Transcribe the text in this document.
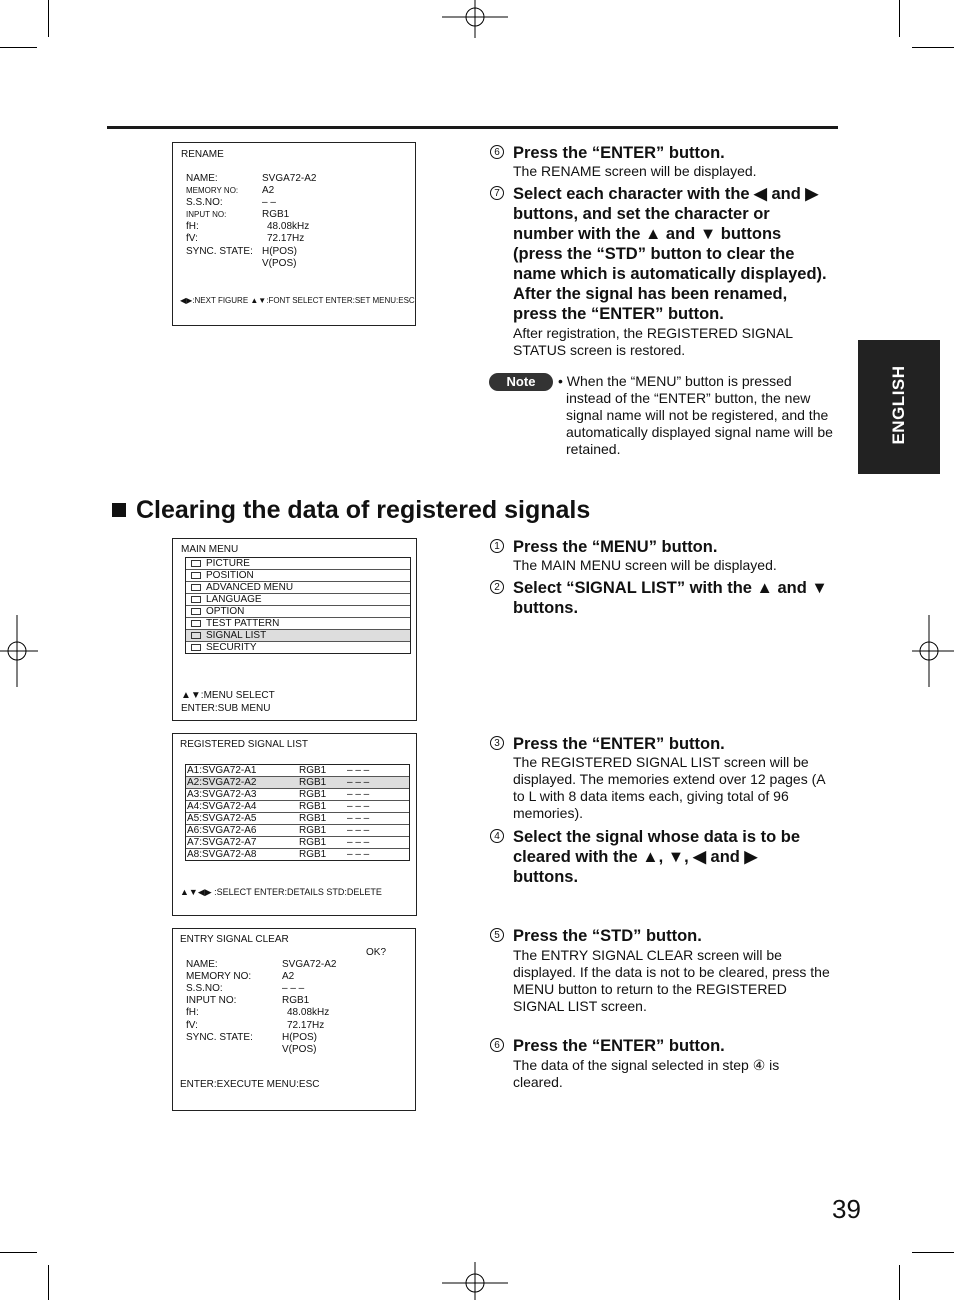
ENGLISH
RENAME
◀▶:NEXT FIGURE ▲▼:FONT SELECT ENTER:SET MENU:ESC
NAME:	SVGA72-A2
MEMORY NO: A2
S.S.NO:	– –
INPUT NO:	RGB1
fH:	48.08kHz
fV:	72.17Hz
SYNC. STATE: H(POS)
V(POS)
6 Press the “ENTER” button.
The RENAME screen will be displayed.
7 Select each character with the ◀ and ▶ buttons, and set the character or number with the ▲ and ▼ buttons (press the “STD” button to clear the name which is automatically displayed). After the signal has been renamed, press the “ENTER” button.
After registration, the REGISTERED SIGNAL STATUS screen is restored.
Note	• When the “MENU” button is pressed
instead of the “ENTER” button, the new signal name will not be registered, and the automatically displayed signal name will be retained.
Clearing the data of registered signals
MAIN MENU
PICTURE
POSITION
ADVANCED MENU
LANGUAGE
OPTION
TEST PATTERN
SIGNAL LIST
SECURITY
▲▼:MENU SELECT
ENTER:SUB MENU
REGISTERED SIGNAL LIST
A1:SVGA72-A1	RGB1 – – –
A2:SVGA72-A2	RGB1 – – –
A3:SVGA72-A3	RGB1 – – –
A4:SVGA72-A4	RGB1 – – –
A5:SVGA72-A5	RGB1 – – –
A6:SVGA72-A6	RGB1 – – –
A7:SVGA72-A7	RGB1 – – –
A8:SVGA72-A8	RGB1 – – –
▲▼◀▶ :SELECT ENTER:DETAILS STD:DELETE
ENTRY SIGNAL CLEAR
OK?
ENTER:EXECUTE MENU:ESC
NAME:	SVGA72-A2
MEMORY NO:	A2
S.S.NO:	– – –
INPUT NO:	RGB1
fH:	48.08kHz
fV:	72.17Hz
SYNC. STATE:	H(POS)
V(POS)
1 Press the “MENU” button.
The MAIN MENU screen will be displayed.
2 Select “SIGNAL LIST” with the ▲ and ▼ buttons.
3 Press the “ENTER” button.
The REGISTERED SIGNAL LIST screen will be displayed. The memories extend over 12 pages (A to L with 8 data items each, giving total of 96 memories).
4 Select the signal whose data is to be cleared with the ▲, ▼, ◀ and ▶ buttons.
5 Press the “STD” button.
The ENTRY SIGNAL CLEAR screen will be displayed. If the data is not to be cleared, press the MENU button to return to the REGISTERED SIGNAL LIST screen.
6 Press the “ENTER” button.
The data of the signal selected in step ④ is cleared.
39
